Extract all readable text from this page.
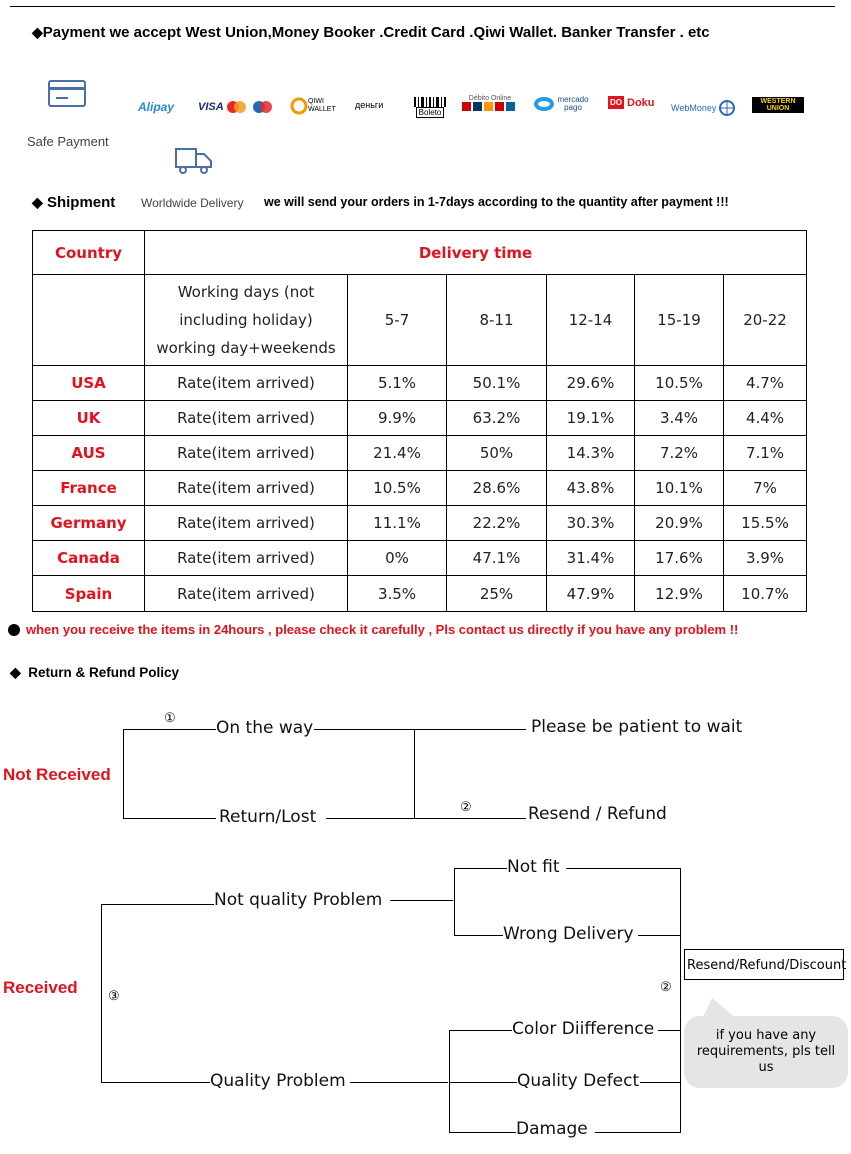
◆Payment we accept West Union,Money Booker .Credit Card .Qiwi Wallet. Banker Transfer . etc
Safe Payment
Alipay VISA	QIWI WALLET	деньги
Boleto
Débito Online	mercado pago
DO Doku WebMoney
WESTERN UNION
◆ Shipment Worldwide Delivery we will send your orders in 1-7days according to the quantity after payment !!!
Country	Delivery time					

	Working days (not
including holiday)
working day+weekends	5-7	8-11	12-14	15-19	20-22
USA	Rate(item arrived)	5.1%	50.1%	29.6%	10.5%	4.7%
UK	Rate(item arrived)	9.9%	63.2%	19.1%	3.4%	4.4%
AUS	Rate(item arrived)	21.4%	50%	14.3%	7.2%	7.1%
France	Rate(item arrived)	10.5%	28.6%	43.8%	10.1%	7%
Germany	Rate(item arrived)	11.1%	22.2%	30.3%	20.9%	15.5%
Canada	Rate(item arrived)	0%	47.1%	31.4%	17.6%	3.9%
Spain	Rate(item arrived)	3.5%	25%	47.9%	12.9%	10.7%
when you receive the items in 24hours , please check it carefully , Pls contact us directly if you have any problem !!
◆ Return & Refund Policy
Not Received
①
On the way
Return/Lost
Please be patient to wait
Resend / Refund
②
Received ③
Not quality Problem
Quality Problem
Not fit
Wrong Delivery
Color Diifference
Quality Defect
Damage
②
Resend/Refund/Discount
if you have any requirements, pls tell us
